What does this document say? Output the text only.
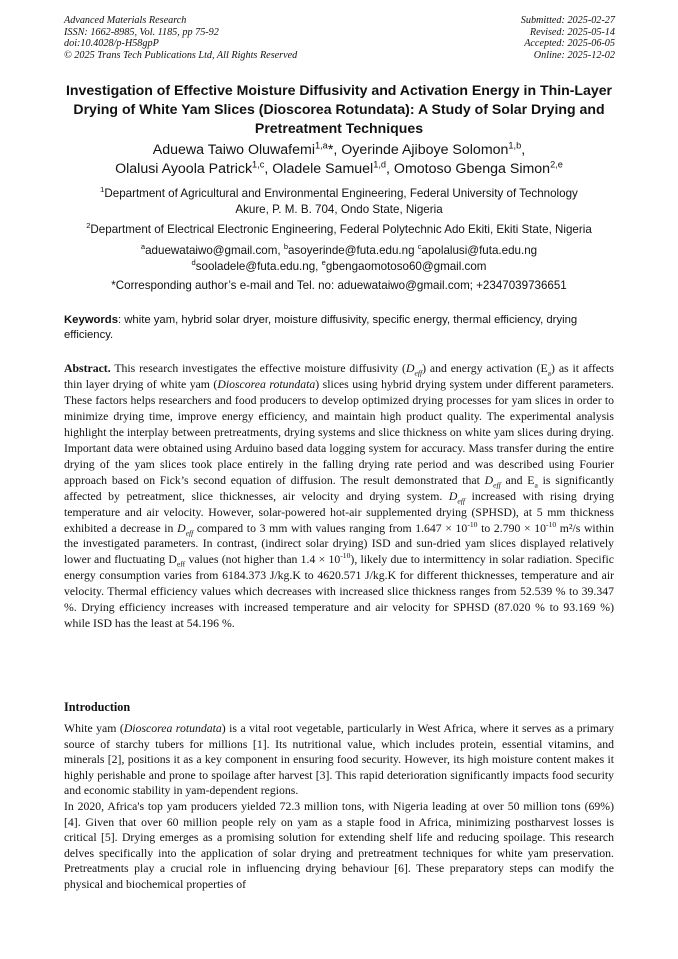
Advanced Materials Research
ISSN: 1662-8985, Vol. 1185, pp 75-92
doi:10.4028/p-H58gpP
© 2025 Trans Tech Publications Ltd, All Rights Reserved
Submitted: 2025-02-27
Revised: 2025-05-14
Accepted: 2025-06-05
Online: 2025-12-02
Investigation of Effective Moisture Diffusivity and Activation Energy in Thin-Layer Drying of White Yam Slices (Dioscorea Rotundata): A Study of Solar Drying and Pretreatment Techniques
Aduewa Taiwo Oluwafemi$^{1,a}$*, Oyerinde Ajiboye Solomon$^{1,b}$,
Olalusi Ayoola Patrick$^{1,c}$, Oladele Samuel$^{1,d}$, Omotoso Gbenga Simon$^{2,e}$
$^1$Department of Agricultural and Environmental Engineering, Federal University of Technology
Akure, P. M. B. 704, Ondo State, Nigeria
$^2$Department of Electrical Electronic Engineering, Federal Polytechnic Ado Ekiti, Ekiti State, Nigeria
$^a$aduewataiwo@gmail.com, $^b$asoyerinde@futa.edu.ng $^c$apolalusi@futa.edu.ng
$^d$sooladele@futa.edu.ng, $^e$gbengaomotoso60@gmail.com
*Corresponding author’s e-mail and Tel. no: aduewataiwo@gmail.com; +2347039736651
Keywords: white yam, hybrid solar dryer, moisture diffusivity, specific energy, thermal efficiency, drying efficiency.
Abstract. This research investigates the effective moisture diffusivity $(D_{eff})$ and energy activation $(E_a)$ as it affects thin layer drying of white yam (Dioscorea rotundata) slices using hybrid drying system under different parameters. These factors helps researchers and food producers to develop optimized drying processes for yam slices in order to minimize drying time, improve energy efficiency, and maintain high product quality. The experimental analysis highlight the interplay between pretreatments, drying systems and slice thickness on white yam slices during drying. Important data were obtained using Arduino based data logging system for accuracy. Mass transfer during the entire drying of the yam slices took place entirely in the falling drying rate period and was described using Fourier approach based on Fick’s second equation of diffusion. The result demonstrated that $D_{eff}$ and $E_a$ is significantly affected by petreatment, slice thicknesses, air velocity and drying system. $D_{eff}$ increased with rising drying temperature and air velocity. However, solar-powered hot-air supplemented drying (SPHSD), at 5 mm thickness exhibited a decrease in $D_{eff}$ compared to 3 mm with values ranging from $1.647 \times 10^{-10}$ to $2.790 \times 10^{-10}$ m²/s within the investigated parameters. In contrast, (indirect solar drying) ISD and sun-dried yam slices displayed relatively lower and fluctuating $D_{eff}$ values (not higher than $1.4 \times 10^{-10}$), likely due to intermittency in solar radiation. Specific energy consumption varies from 6184.373 J/kg.K to 4620.571 J/kg.K for different thicknesses, temperature and air velocity. Thermal efficiency values which decreases with increased slice thickness ranges from 52.539 % to 39.347 %. Drying efficiency increases with increased temperature and air velocity for SPHSD (87.020 % to 93.169 %) while ISD has the least at 54.196 %.
Introduction

White yam (Dioscorea rotundata) is a vital root vegetable, particularly in West Africa, where it serves as a primary source of starchy tubers for millions [1]. Its nutritional value, which includes protein, essential vitamins, and minerals [2], positions it as a key component in ensuring food security. However, its high moisture content makes it highly perishable and prone to spoilage after harvest [3]. This rapid deterioration significantly impacts food security and economic stability in yam-dependent regions.

In 2020, Africa's top yam producers yielded 72.3 million tons, with Nigeria leading at over 50 million tons (69%) [4]. Given that over 60 million people rely on yam as a staple food in Africa, minimizing postharvest losses is critical [5]. Drying emerges as a promising solution for extending shelf life and reducing spoilage. This research delves specifically into the application of solar drying and pretreatment techniques for white yam preservation. Pretreatments play a crucial role in influencing drying behaviour [6]. These preparatory steps can modify the physical and biochemical properties of
